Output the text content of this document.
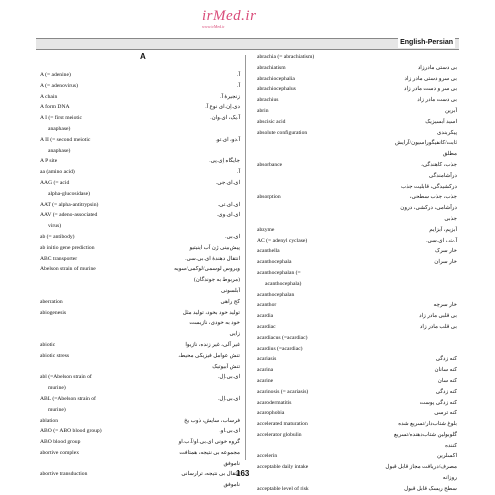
irMed.ir
www.irMed.ir
English-Persian
A
A (= adenine)	آ.
A (= adenovirus)	آ.
A chain	زنجیرهٔ آ.
A form DNA	دی.اِن.ای نوع آ.
A I (= first meiotic	آ.یک، ای.وان.
anaphase)
A II (= second meiotic	آ.دو، ای.تو.
anaphase)
A P site	جایگاه اِی.پی.
aa (amino acid)	آ.
AAG (= acid	ای.ای.جی.
alpha-glucosidase)
AAT (= alpha-antitrypsin)	ای.ای.تی.
AAV (= adeno-associated	ای.ای.وی.
virus)
ab (= antibody)	ای.بی.
ab initio gene prediction	پیش‌بینی ژن اَب اینیتیو
ABC transporter	انتقال دهندهٔ ای.بی.سی.
Abelson strain of murine	ویروس لوسمی/لوکمی/سویه
(مربوط به جوندگان)
اَبلسونی
aberration	کج راهی
abiogenesis	تولید خود بخود، تولید مثل
خود به خودی، نازیست
زایی
abiotic	غیر آلی، غیر زنده، نازیوا
abiotic stress	تنش عوامل فیزیکی محیط،
تنش اَبیوتیک
abl (=Abelson strain of	ای.بی.اِل.
murine)
ABL (=Abelson strain of	ای.بی.اِل.
murine)
ablation	فرساب، سایش، ذوب یخ
ABO (= ABO blood group)	ای.بی.او.
ABO blood group	گروه خونی ای.بی.او/آ.ب.او
abortive complex	مجموعه بی نتیجه، همتافت
ناموفق
abortive transduction	انتقال بی نتیجه، ترارسانی
ناموفق
abrachia (= abrachiatism)
abrachiatism	بی دستی مادرزاد
abrachiocephalia	بی سرو دستی مادر زاد
abrachiocephalus	بی سر و دست مادر زاد
abrachius	بی دست مادر زاد
abrin	اَبرین
abscisic acid	اسید اَبسیزیک
absolute configuration	پیکربندی
ثابت/کانفیگوراسیون/آرایش
مطلق
absorbance	جذب، کاهندگی،
درآشامندگی
درکشیدگی، قابلیت جذب
absorption	جذب، جذب سطحی،
درآشامی، درکشی، درون
جذبی
abzyme	اَبزیم، اَبزایم
AC (= adenyl cyclase)	آ.ث.، ای.سی.
acanthella	خار سرک
acanthocephala	خار سران
acanthocephalan (=
acanthocephala)
acanthocephalan
acanthor	خار سرچه
acardia	بی قلبی مادر زاد
acardiac	بی قلب مادر زاد
acardiacus (=acardiac)
acardius (=acardiac)
acariasis	کنه زدگی
acarina	کنه سانان
acarine	کنه سان
acarinosis (= acariasis)	کنه زدگی
acarodermatitis	کنه زدگی پوست
acarophobia	کنه ترسی
accelerated maturation	بلوغ شتاب‌دار/تسریع شده
accelerator globulin	گلوبولین شتاب‌دهنده/تسریع
کننده
accelerin	اکسلرین
acceptable daily intake	مصرف/دریافت مجاز قابل قبول
روزانه
acceptable level of risk	سطح ریسک قابل قبول
163
